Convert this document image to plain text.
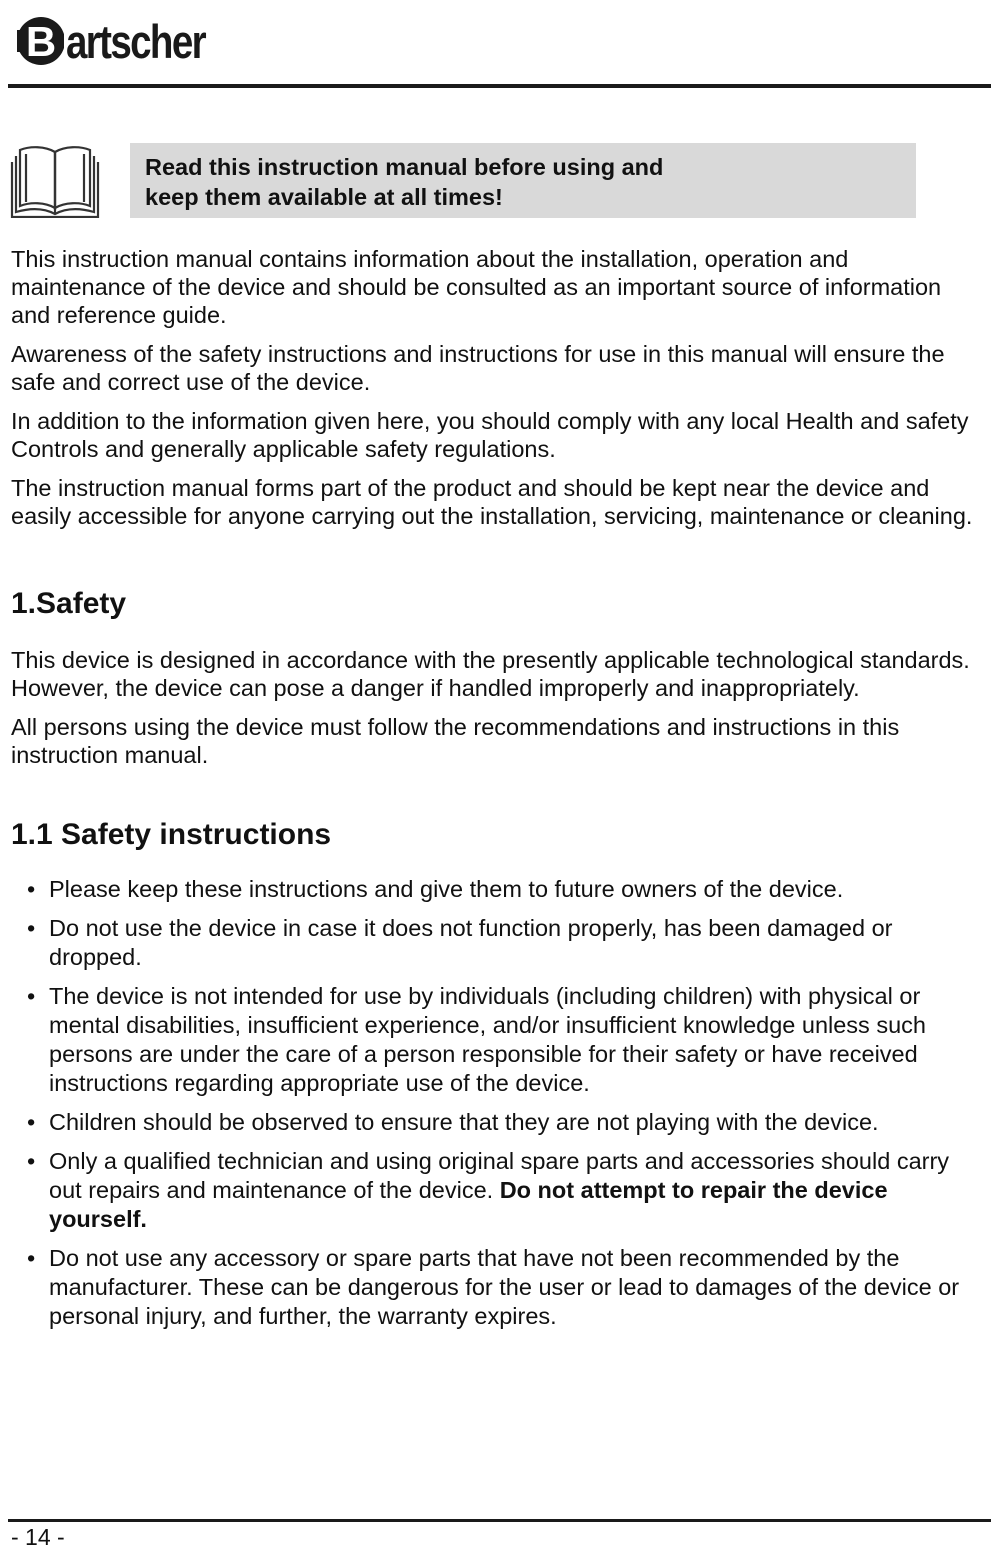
B artscher
Read this instruction manual before using and
keep them available at all times!

This instruction manual contains information about the installation, operation and maintenance of the device and should be consulted as an important source of information and reference guide.

Awareness of the safety instructions and instructions for use in this manual will ensure the safe and correct use of the device.

In addition to the information given here, you should comply with any local Health and safety Controls and generally applicable safety regulations.

The instruction manual forms part of the product and should be kept near the device and easily accessible for anyone carrying out the installation, servicing, maintenance or cleaning.

1.Safety

This device is designed in accordance with the presently applicable technological standards. However, the device can pose a danger if handled improperly and inappropriately.

All persons using the device must follow the recommendations and instructions in this instruction manual.

1.1 Safety instructions
• Please keep these instructions and give them to future owners of the device.
• Do not use the device in case it does not function properly, has been damaged or dropped.
• The device is not intended for use by individuals (including children) with physical or mental disabilities, insufficient experience, and/or insufficient knowledge unless such persons are under the care of a person responsible for their safety or have received instructions regarding appropriate use of the device.
• Children should be observed to ensure that they are not playing with the device.
• Only a qualified technician and using original spare parts and accessories should carry out repairs and maintenance of the device. Do not attempt to repair the device yourself.
• Do not use any accessory or spare parts that have not been recommended by the manufacturer. These can be dangerous for the user or lead to damages of the device or personal injury, and further, the warranty expires.
- 14 -
